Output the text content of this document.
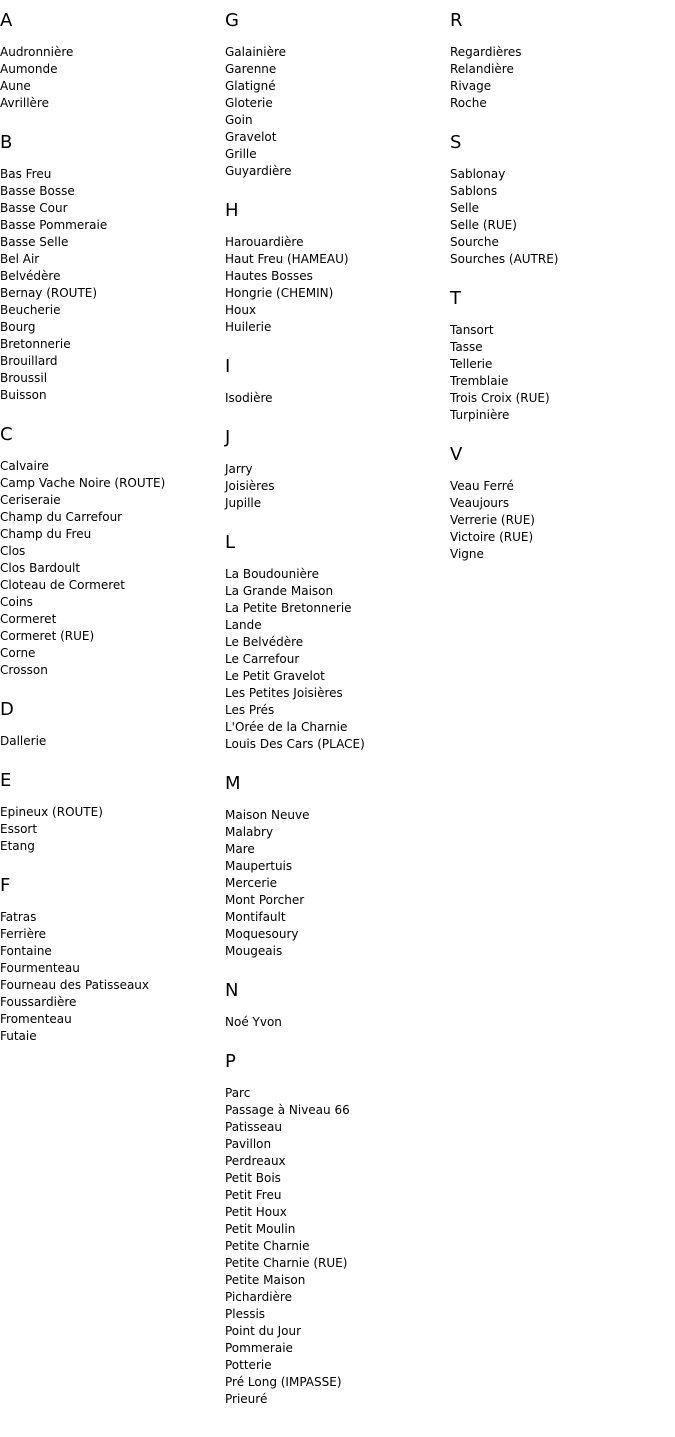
A
Audronnière
Aumonde
Aune
Avrillère
B
Bas Freu
Basse Bosse
Basse Cour
Basse Pommeraie
Basse Selle
Bel Air
Belvédère
Bernay (ROUTE)
Beucherie
Bourg
Bretonnerie
Brouillard
Broussil
Buisson
C
Calvaire
Camp Vache Noire (ROUTE)
Ceriseraie
Champ du Carrefour
Champ du Freu
Clos
Clos Bardoult
Cloteau de Cormeret
Coins
Cormeret
Cormeret (RUE)
Corne
Crosson
D
Dallerie
E
Epineux (ROUTE)
Essort
Etang
F
Fatras
Ferrière
Fontaine
Fourmenteau
Fourneau des Patisseaux
Foussardière
Fromenteau
Futaie
G
Galainière
Garenne
Glatigné
Gloterie
Goin
Gravelot
Grille
Guyardière
H
Harouardière
Haut Freu (HAMEAU)
Hautes Bosses
Hongrie (CHEMIN)
Houx
Huilerie
I
Isodière
J
Jarry
Joisières
Jupille
L
La Boudounière
La Grande Maison
La Petite Bretonnerie
Lande
Le Belvédère
Le Carrefour
Le Petit Gravelot
Les Petites Joisières
Les Prés
L'Orée de la Charnie
Louis Des Cars (PLACE)
M
Maison Neuve
Malabry
Mare
Maupertuis
Mercerie
Mont Porcher
Montifault
Moquesoury
Mougeais
N
Noé Yvon
P
Parc
Passage à Niveau 66
Patisseau
Pavillon
Perdreaux
Petit Bois
Petit Freu
Petit Houx
Petit Moulin
Petite Charnie
Petite Charnie (RUE)
Petite Maison
Pichardière
Plessis
Point du Jour
Pommeraie
Potterie
Pré Long (IMPASSE)
Prieuré
R
Regardières
Relandière
Rivage
Roche
S
Sablonay
Sablons
Selle
Selle (RUE)
Sourche
Sourches (AUTRE)
T
Tansort
Tasse
Tellerie
Tremblaie
Trois Croix (RUE)
Turpinière
V
Veau Ferré
Veaujours
Verrerie (RUE)
Victoire (RUE)
Vigne
